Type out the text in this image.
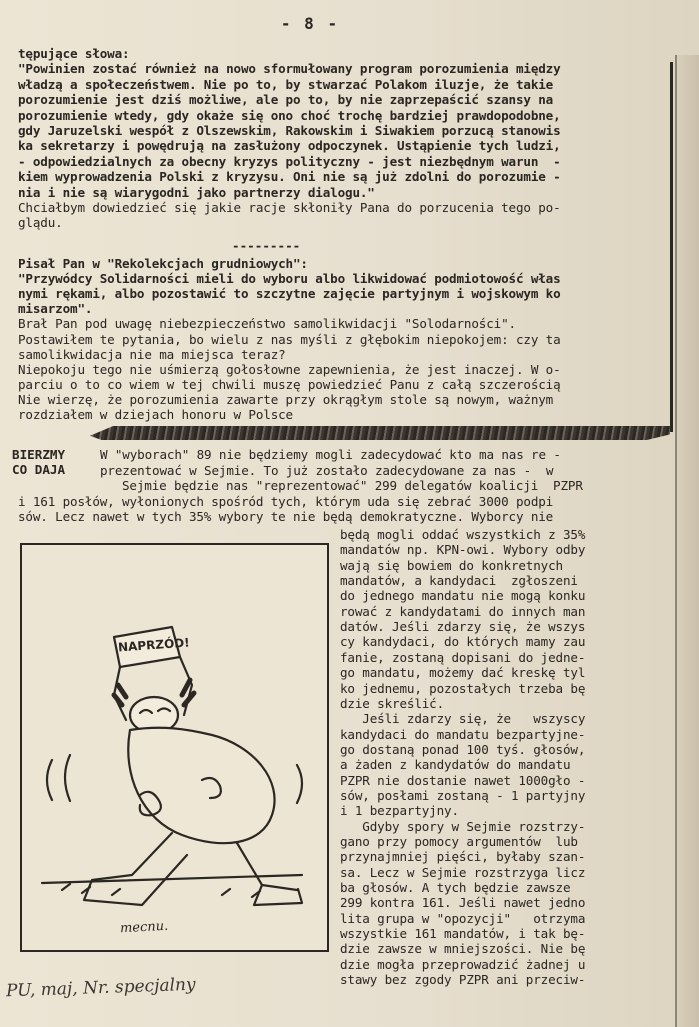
- 8 -
tępujące słowa:
"Powinien zostać również na nowo sformułowany program porozumienia między
władzą a społeczeństwem. Nie po to, by stwarzać Polakom iluzje, że takie
porozumienie jest dziś możliwe, ale po to, by nie zaprzepaścić szansy na
porozumienie wtedy, gdy okaże się ono choć trochę bardziej prawdopodobne,
gdy Jaruzelski wespół z Olszewskim, Rakowskim i Siwakiem porzucą stanowis
ka sekretarzy i powędrują na zasłużony odpoczynek. Ustąpienie tych ludzi,
- odpowiedzialnych za obecny kryzys polityczny - jest niezbędnym warun  -
kiem wyprowadzenia Polski z kryzysu. Oni nie są już zdolni do porozumie -
nia i nie są wiarygodni jako partnerzy dialogu."
Chciałbym dowiedzieć się jakie racje skłoniły Pana do porzucenia tego po-
glądu.
Pisał Pan w "Rekolekcjach grudniowych":
"Przywódcy Solidarności mieli do wyboru albo likwidować podmiotowość włas
nymi rękami, albo pozostawić to szczytne zajęcie partyjnym i wojskowym ko
misarzom".
Brał Pan pod uwagę niebezpieczeństwo samolikwidacji "Solodarności".
Postawiłem te pytania, bo wielu z nas myśli z głębokim niepokojem: czy ta
samolikwidacja nie ma miejsca teraz?
Niepokoju tego nie uśmierzą gołosłowne zapewnienia, że jest inaczej. W o-
parciu o to co wiem w tej chwili muszę powiedzieć Panu z całą szczerością
Nie wierzę, że porozumienia zawarte przy okrągłym stole są nowym, ważnym
rozdziałem w dziejach honoru w Polsce
---------
BIERZMY
CO DAJA
W "wyborach" 89 nie będziemy mogli zadecydować kto ma nas re -
prezentować w Sejmie. To już zostało zadecydowane za nas -  w
Sejmie będzie nas "reprezentować" 299 delegatów koalicji  PZPR
i 161 posłów, wyłonionych spośród tych, którym uda się zebrać 3000 podpi
sów. Lecz nawet w tych 35% wybory te nie będą demokratyczne. Wyborcy nie
będą mogli oddać wszystkich z 35%
mandatów np. KPN-owi. Wybory odby
wają się bowiem do konkretnych
mandatów, a kandydaci  zgłoszeni
do jednego mandatu nie mogą konku
rować z kandydatami do innych man
datów. Jeśli zdarzy się, że wszys
cy kandydaci, do których mamy zau
fanie, zostaną dopisani do jedne-
go mandatu, możemy dać kreskę tyl
ko jednemu, pozostałych trzeba bę
dzie skreślić.
Jeśli zdarzy się, że   wszyscy
kandydaci do mandatu bezpartyjne-
go dostaną ponad 100 tyś. głosów,
a żaden z kandydatów do mandatu
PZPR nie dostanie nawet 1000gło -
sów, posłami zostaną - 1 partyjny
i 1 bezpartyjny.
Gdyby spory w Sejmie rozstrzy-
gano przy pomocy argumentów  lub
przynajmniej pięści, byłaby szan-
sa. Lecz w Sejmie rozstrzyga licz
ba głosów. A tych będzie zawsze
299 kontra 161. Jeśli nawet jedno
lita grupa w "opozycji"   otrzyma
wszystkie 161 mandatów, i tak bę-
dzie zawsze w mniejszości. Nie bę
dzie mogła przeprowadzić żadnej u
stawy bez zgody PZPR ani przeciw-
NAPRZÓD!
mecnu.
PU, maj, Nr. specjalny
